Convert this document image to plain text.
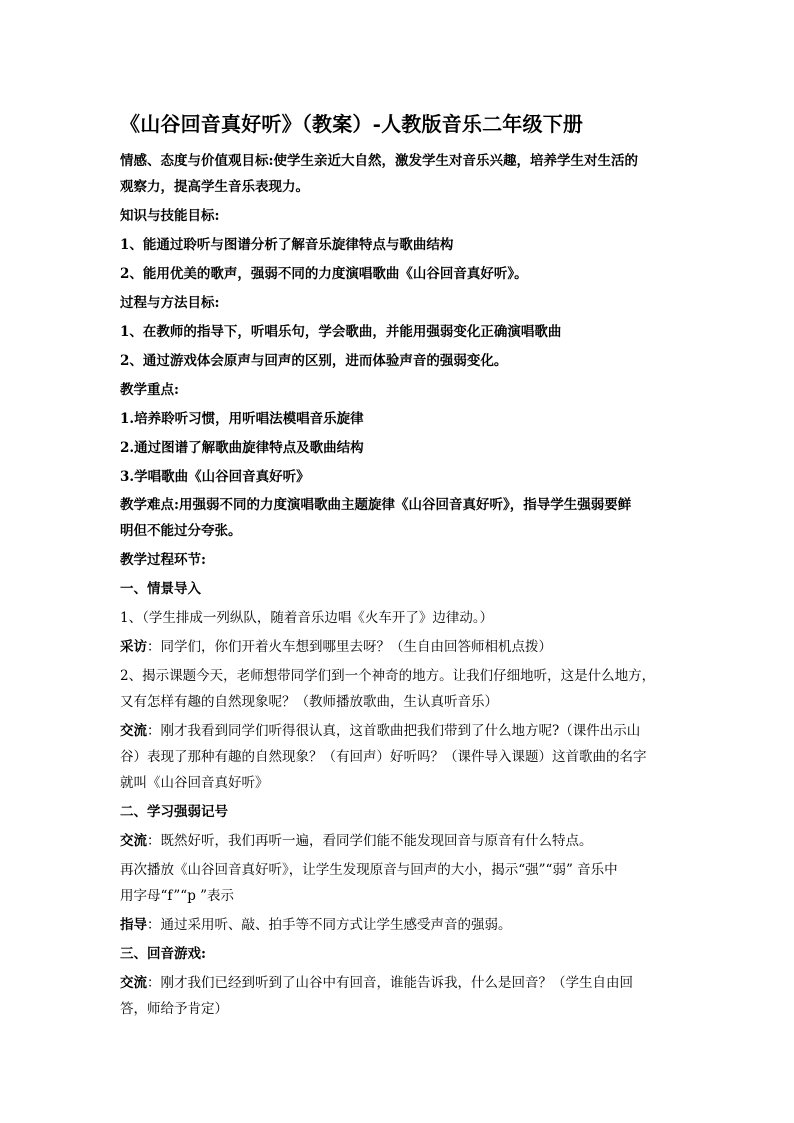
《山谷回音真好听》（教案）-人教版音乐二年级下册
情感、态度与价值观目标:使学生亲近大自然，激发学生对音乐兴趣，培养学生对生活的
观察力，提高学生音乐表现力。
知识与技能目标:
1、能通过聆听与图谱分析了解音乐旋律特点与歌曲结构
2、能用优美的歌声，强弱不同的力度演唱歌曲《山谷回音真好听》。
过程与方法目标:
1、在教师的指导下，听唱乐句，学会歌曲，并能用强弱变化正确演唱歌曲
2、通过游戏体会原声与回声的区别，进而体验声音的强弱变化。
教学重点:
1.培养聆听习惯，用听唱法模唱音乐旋律
2.通过图谱了解歌曲旋律特点及歌曲结构
3.学唱歌曲《山谷回音真好听》
教学难点:用强弱不同的力度演唱歌曲主题旋律《山谷回音真好听》，指导学生强弱要鲜
明但不能过分夸张。
教学过程环节:
一、情景导入
1、（学生排成一列纵队，随着音乐边唱《火车开了》边律动。）
采访：同学们，你们开着火车想到哪里去呀？（生自由回答师相机点拨）
2、揭示课题今天，老师想带同学们到一个神奇的地方。让我们仔细地听，这是什么地方，
又有怎样有趣的自然现象呢？（教师播放歌曲，生认真听音乐）
交流：刚才我看到同学们听得很认真，这首歌曲把我们带到了什么地方呢?（课件出示山
谷）表现了那种有趣的自然现象？（有回声）好听吗？（课件导入课题）这首歌曲的名字
就叫《山谷回音真好听》
二、学习强弱记号
交流：既然好听，我们再听一遍，看同学们能不能发现回音与原音有什么特点。
再次播放《山谷回音真好听》，让学生发现原音与回声的大小，揭示“强”“弱” 音乐中
用字母“f”“p ”表示
指导：通过采用听、敲、拍手等不同方式让学生感受声音的强弱。
三、回音游戏:
交流：刚才我们已经到听到了山谷中有回音，谁能告诉我，什么是回音？（学生自由回
答，师给予肯定）
